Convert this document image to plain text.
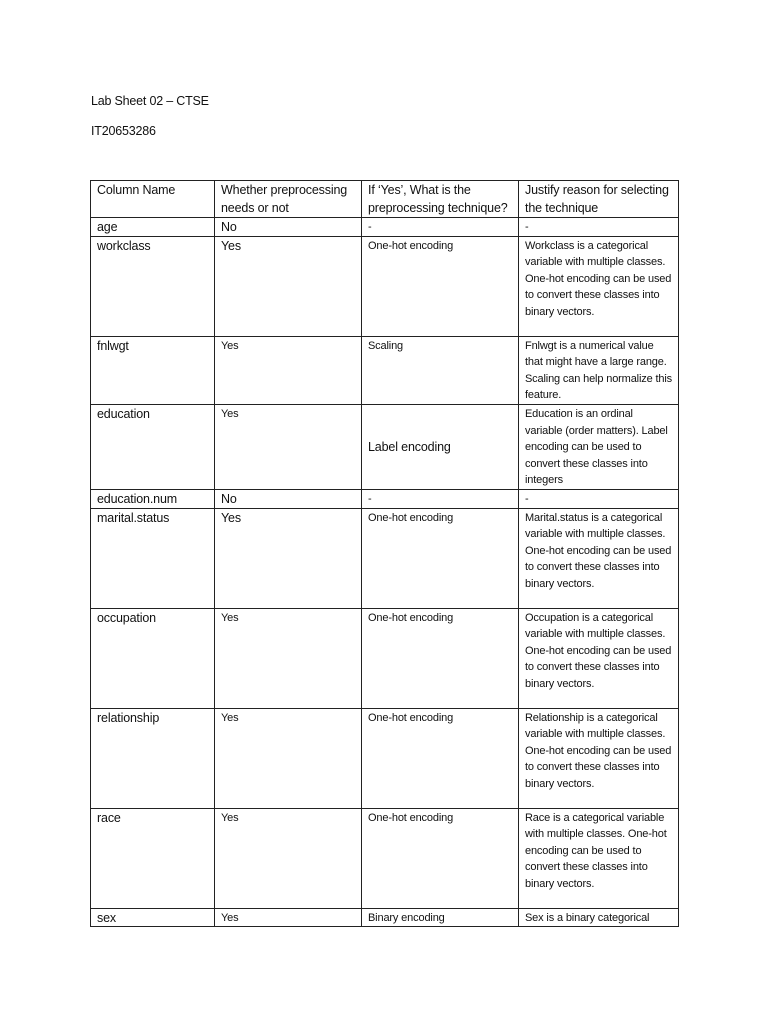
Lab Sheet 02 – CTSE
IT20653286
Column Name	Whether preprocessing needs or not	If ‘Yes’, What is the preprocessing technique?	Justify reason for selecting the technique
age	No	-	-
workclass	Yes	One-hot encoding	Workclass is a categorical variable with multiple classes. One-hot encoding can be used to convert these classes into binary vectors.
fnlwgt	Yes	Scaling	Fnlwgt is a numerical value that might have a large range. Scaling can help normalize this feature.
education	Yes	Label encoding	Education is an ordinal variable (order matters). Label encoding can be used to convert these classes into integers
education.num	No	-	-
marital.status	Yes	One-hot encoding	Marital.status is a categorical variable with multiple classes. One-hot encoding can be used to convert these classes into binary vectors.
occupation	Yes	One-hot encoding	Occupation is a categorical variable with multiple classes. One-hot encoding can be used to convert these classes into binary vectors.
relationship	Yes	One-hot encoding	Relationship is a categorical variable with multiple classes. One-hot encoding can be used to convert these classes into binary vectors.
race	Yes	One-hot encoding	Race is a categorical variable with multiple classes. One-hot encoding can be used to convert these classes into binary vectors.
sex	Yes	Binary encoding	Sex is a binary categorical
